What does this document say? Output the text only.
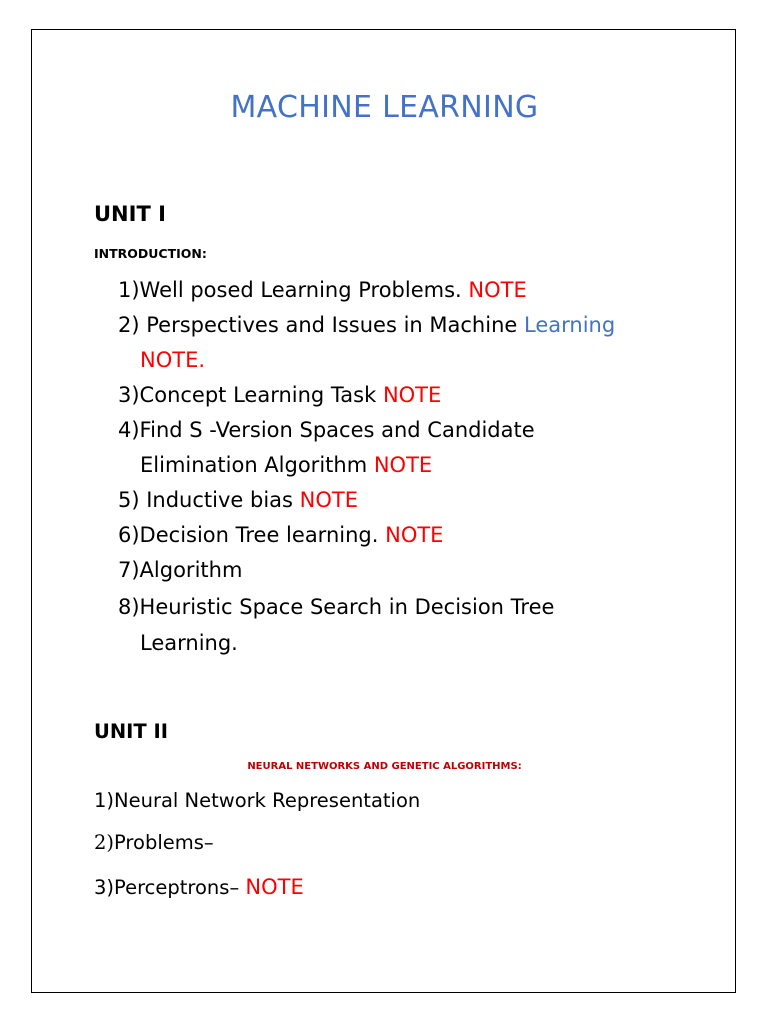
MACHINE LEARNING
UNIT I
INTRODUCTION:
1)Well posed Learning Problems. NOTE
2) Perspectives and Issues in Machine Learning
NOTE.
3)Concept Learning Task NOTE
4)Find S -Version Spaces and Candidate
Elimination Algorithm NOTE
5) Inductive bias NOTE
6)Decision Tree learning. NOTE
7)Algorithm
8)Heuristic Space Search in Decision Tree
Learning.
UNIT II
NEURAL NETWORKS AND GENETIC ALGORITHMS:
1)Neural Network Representation
2)Problems–
3)Perceptrons– NOTE
